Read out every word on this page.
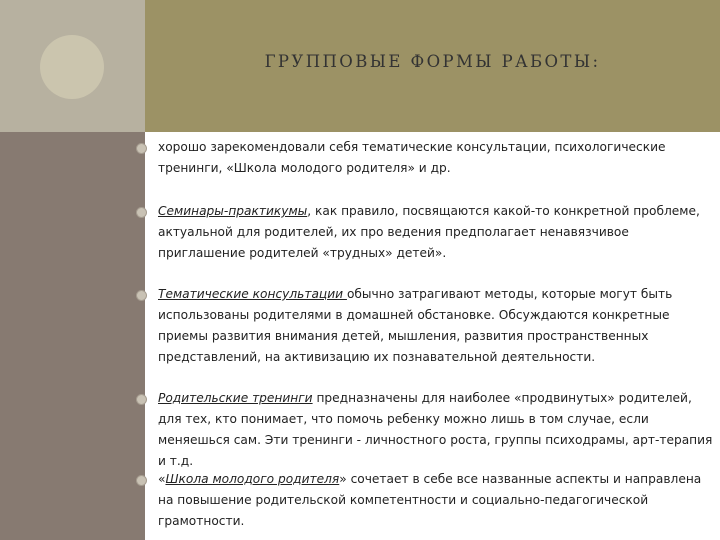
ГРУППОВЫЕ ФОРМЫ РАБОТЫ:
хорошо зарекомендовали себя тематические консультации, психологические тренинги, «Школа молодого родителя» и др.
Семинары-практикумы, как правило, посвящаются какой-то конкретной проблеме, актуальной для родителей, их про ведения предполагает ненавязчивое приглашение родителей «трудных» детей».
Тематические консультации обычно затрагивают методы, которые могут быть использованы родителями в домашней обстановке. Обсуждаются конкретные приемы развития внимания детей, мышления, развития пространственных представлений, на активизацию их познавательной деятельности.
Родительские тренинги предназначены для наиболее «продвинутых» родителей, для тех, кто понимает, что помочь ребенку можно лишь в том случае, если меняешься сам. Эти тренинги - личностного роста, группы психодрамы, арт-терапия и т.д.
«Школа молодого родителя» сочетает в себе все названные аспекты и направлена на повышение родительской компетентности и социально-педагогической грамотности.
